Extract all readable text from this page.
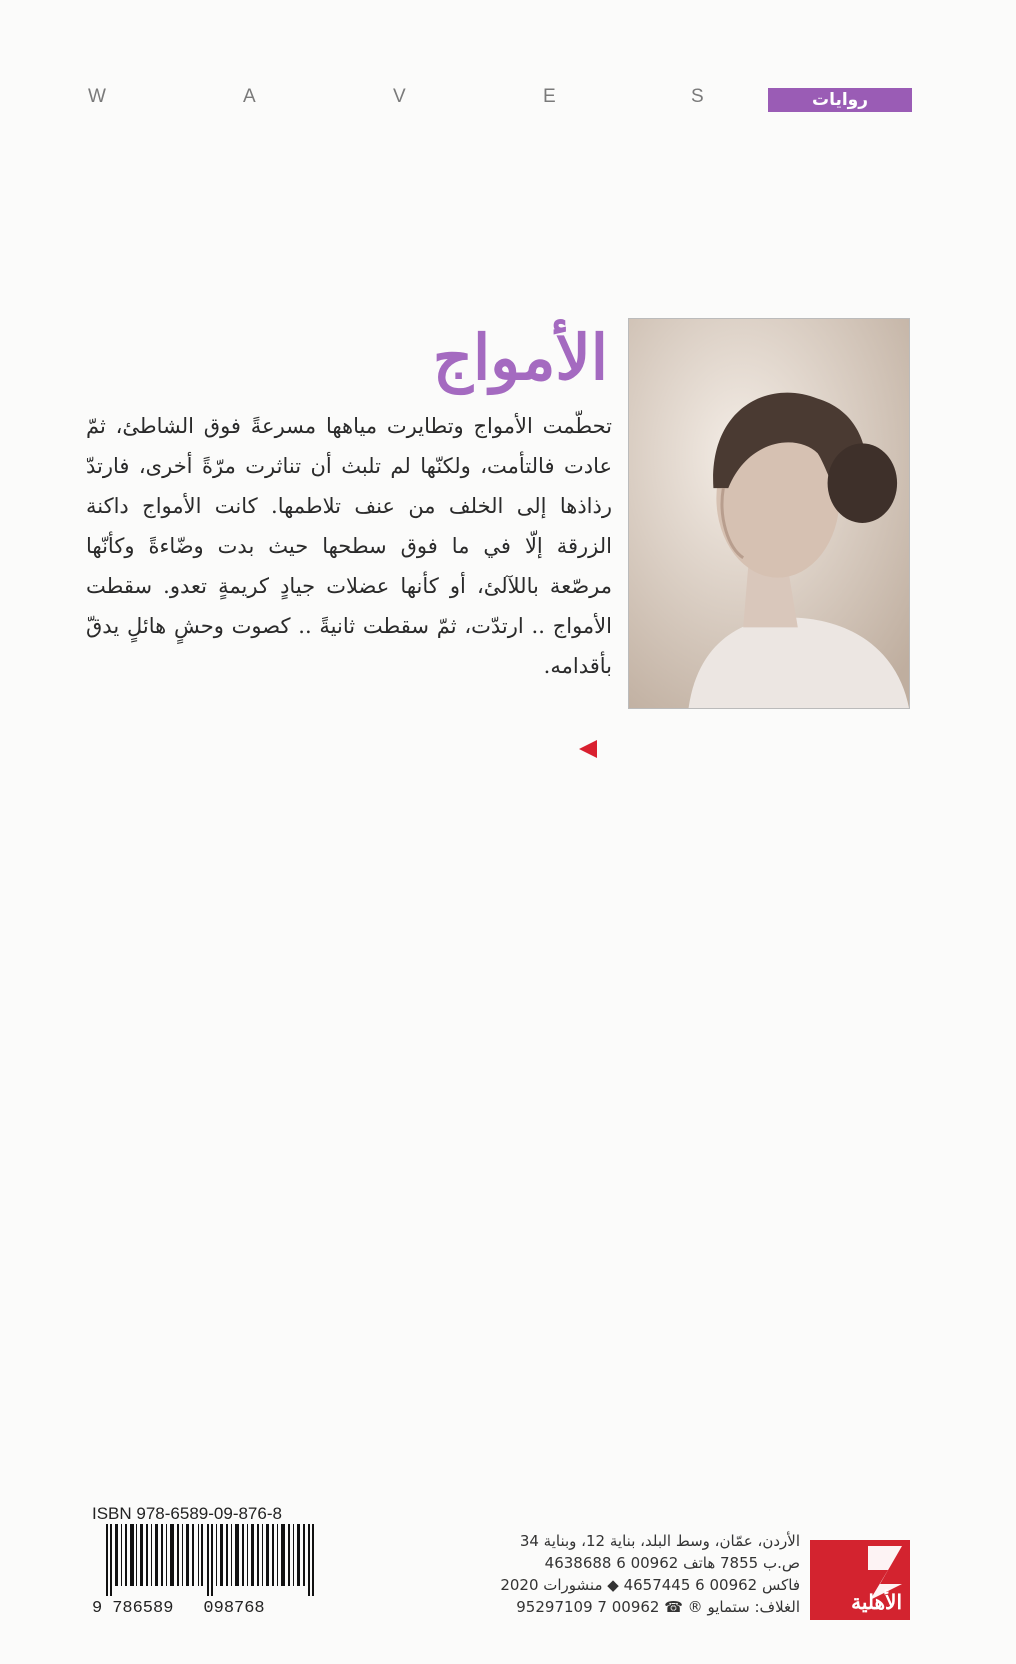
W	A	V	E	S	روايات
الأمواج

تحطّمت الأمواج وتطايرت مياهها مسرعةً فوق الشاطئ، ثمّ عادت فالتأمت، ولكنّها لم تلبث أن تناثرت مرّةً أخرى، فارتدّ رذاذها إلى الخلف من عنف تلاطمها. كانت الأمواج داكنة الزرقة إلّا في ما فوق سطحها حيث بدت وضّاءةً وكأنّها مرصّعة باللآلئ، أو كأنها عضلات جيادٍ كريمةٍ تعدو. سقطت الأمواج .. ارتدّت، ثمّ سقطت ثانيةً .. كصوت وحشٍ هائلٍ يدقّ بأقدامه.

ISBN 978-6589-09-876-8
9 786589 098768
الأردن، عمّان، وسط البلد، بناية 12، وبناية 34
ص.ب 7855 هاتف 00962 6 4638688
فاكس 00962 6 4657445 ◆ منشورات 2020
الغلاف: ستمايو ® ☎ 00962 7 95297109	الأهلية
